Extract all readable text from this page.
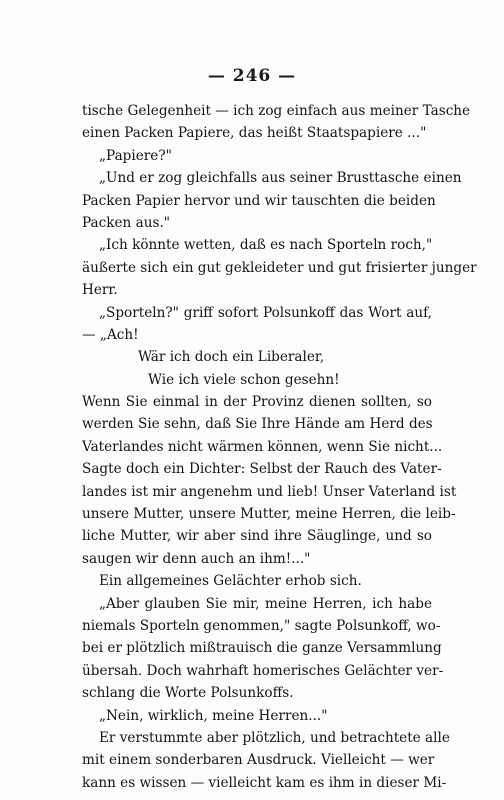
— 246 —
tische Gelegenheit — ich zog einfach aus meiner Tasche
einen Packen Papiere, das heißt Staatspapiere ..."
„Papiere?"
„Und er zog gleichfalls aus seiner Brusttasche einen
Packen Papier hervor und wir tauschten die beiden
Packen aus."
„Ich könnte wetten, daß es nach Sporteln roch,"
äußerte sich ein gut gekleideter und gut frisierter junger
Herr.
„Sporteln?" griff sofort Polsunkoff das Wort auf,
— „Ach!
Wär ich doch ein Liberaler,
Wie ich viele schon gesehn!
Wenn Sie einmal in der Provinz dienen sollten, so
werden Sie sehn, daß Sie Ihre Hände am Herd des
Vaterlandes nicht wärmen können, wenn Sie nicht...
Sagte doch ein Dichter: Selbst der Rauch des Vater-
landes ist mir angenehm und lieb! Unser Vaterland ist
unsere Mutter, unsere Mutter, meine Herren, die leib-
liche Mutter, wir aber sind ihre Säuglinge, und so
saugen wir denn auch an ihm!..."
Ein allgemeines Gelächter erhob sich.
„Aber glauben Sie mir, meine Herren, ich habe
niemals Sporteln genommen," sagte Polsunkoff, wo-
bei er plötzlich mißtrauisch die ganze Versammlung
übersah. Doch wahrhaft homerisches Gelächter ver-
schlang die Worte Polsunkoffs.
„Nein, wirklich, meine Herren..."
Er verstummte aber plötzlich, und betrachtete alle
mit einem sonderbaren Ausdruck. Vielleicht — wer
kann es wissen — vielleicht kam es ihm in dieser Mi-
